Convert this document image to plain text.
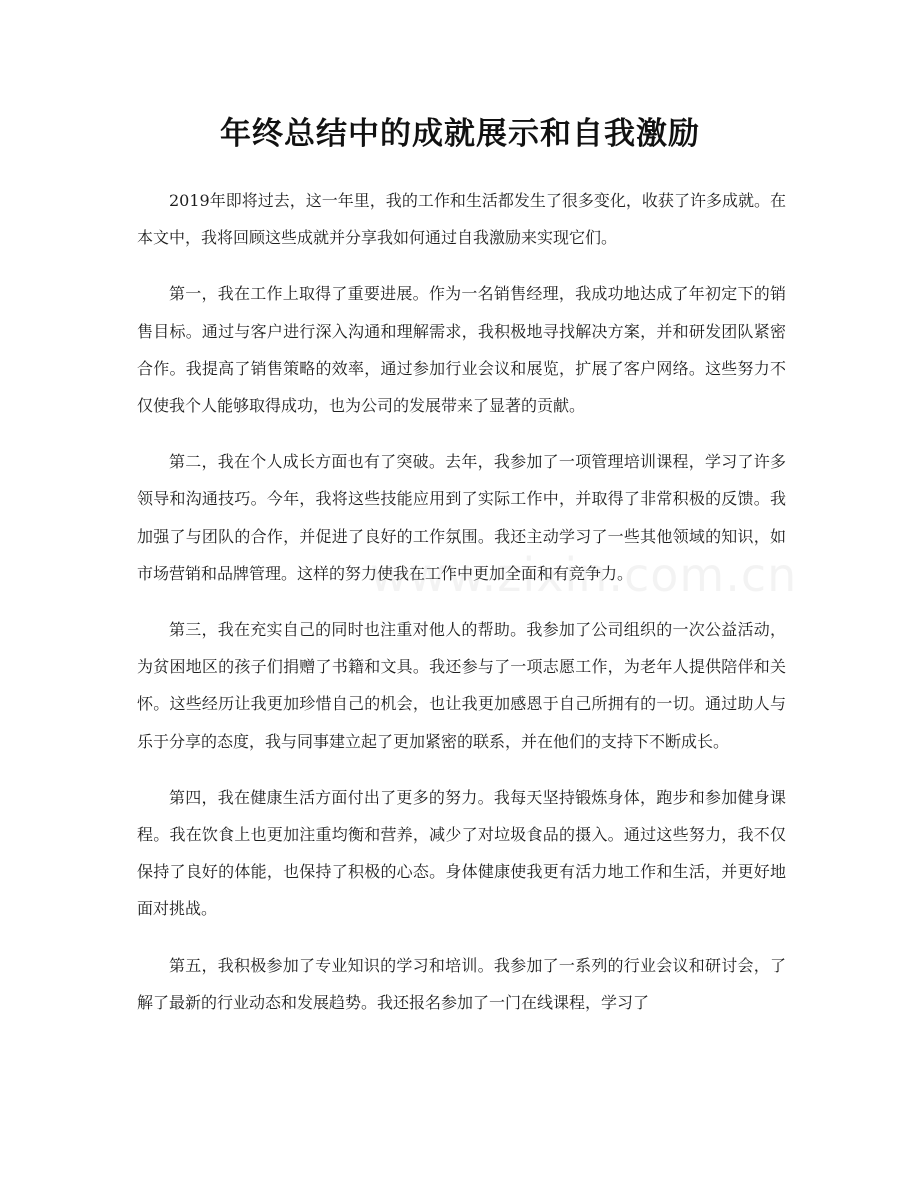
年终总结中的成就展示和自我激励

2019年即将过去，这一年里，我的工作和生活都发生了很多变化，收获了许多成就。在本文中，我将回顾这些成就并分享我如何通过自我激励来实现它们。

第一，我在工作上取得了重要进展。作为一名销售经理，我成功地达成了年初定下的销售目标。通过与客户进行深入沟通和理解需求，我积极地寻找解决方案，并和研发团队紧密合作。我提高了销售策略的效率，通过参加行业会议和展览，扩展了客户网络。这些努力不仅使我个人能够取得成功，也为公司的发展带来了显著的贡献。

第二，我在个人成长方面也有了突破。去年，我参加了一项管理培训课程，学习了许多领导和沟通技巧。今年，我将这些技能应用到了实际工作中，并取得了非常积极的反馈。我加强了与团队的合作，并促进了良好的工作氛围。我还主动学习了一些其他领域的知识，如市场营销和品牌管理。这样的努力使我在工作中更加全面和有竞争力。

第三，我在充实自己的同时也注重对他人的帮助。我参加了公司组织的一次公益活动，为贫困地区的孩子们捐赠了书籍和文具。我还参与了一项志愿工作，为老年人提供陪伴和关怀。这些经历让我更加珍惜自己的机会，也让我更加感恩于自己所拥有的一切。通过助人与乐于分享的态度，我与同事建立起了更加紧密的联系，并在他们的支持下不断成长。

第四，我在健康生活方面付出了更多的努力。我每天坚持锻炼身体，跑步和参加健身课程。我在饮食上也更加注重均衡和营养，减少了对垃圾食品的摄入。通过这些努力，我不仅保持了良好的体能，也保持了积极的心态。身体健康使我更有活力地工作和生活，并更好地面对挑战。

第五，我积极参加了专业知识的学习和培训。我参加了一系列的行业会议和研讨会，了解了最新的行业动态和发展趋势。我还报名参加了一门在线课程，学习了
